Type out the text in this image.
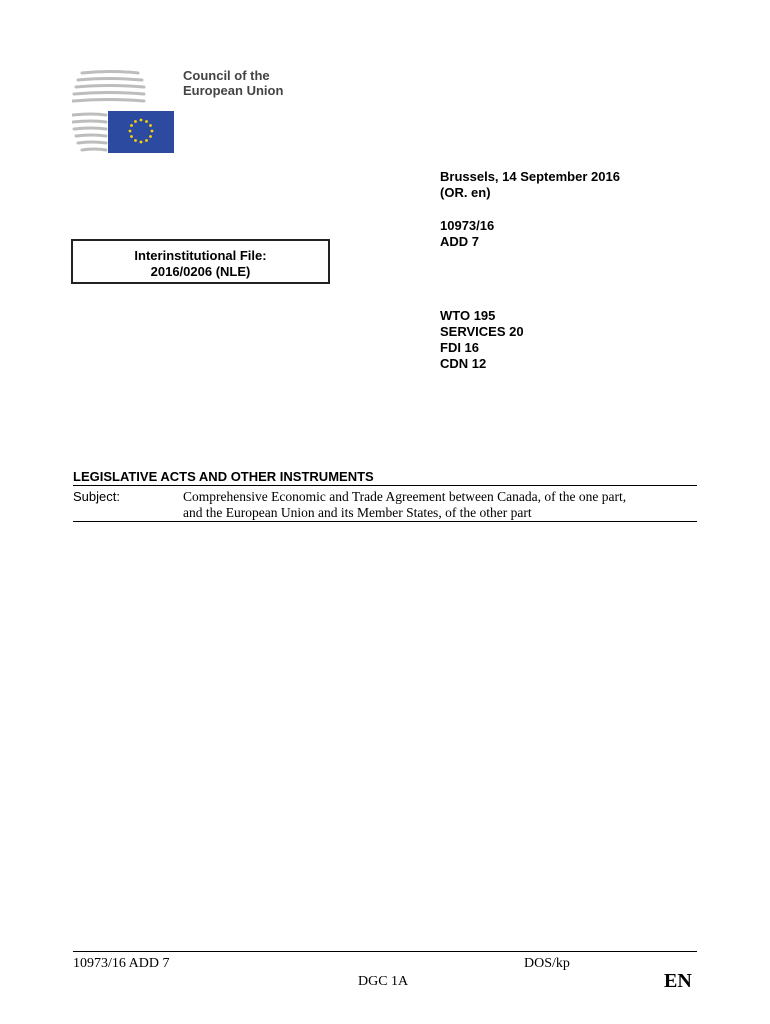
Council of the
European Union
Brussels, 14 September 2016
(OR. en)
10973/16
ADD 7
WTO 195
SERVICES 20
FDI 16
CDN 12
Interinstitutional File:
2016/0206 (NLE)
LEGISLATIVE ACTS AND OTHER INSTRUMENTS
Subject:	Comprehensive Economic and Trade Agreement between Canada, of the one part,
and the European Union and its Member States, of the other part
10973/16 ADD 7	DOS/kp
DGC 1A	EN
